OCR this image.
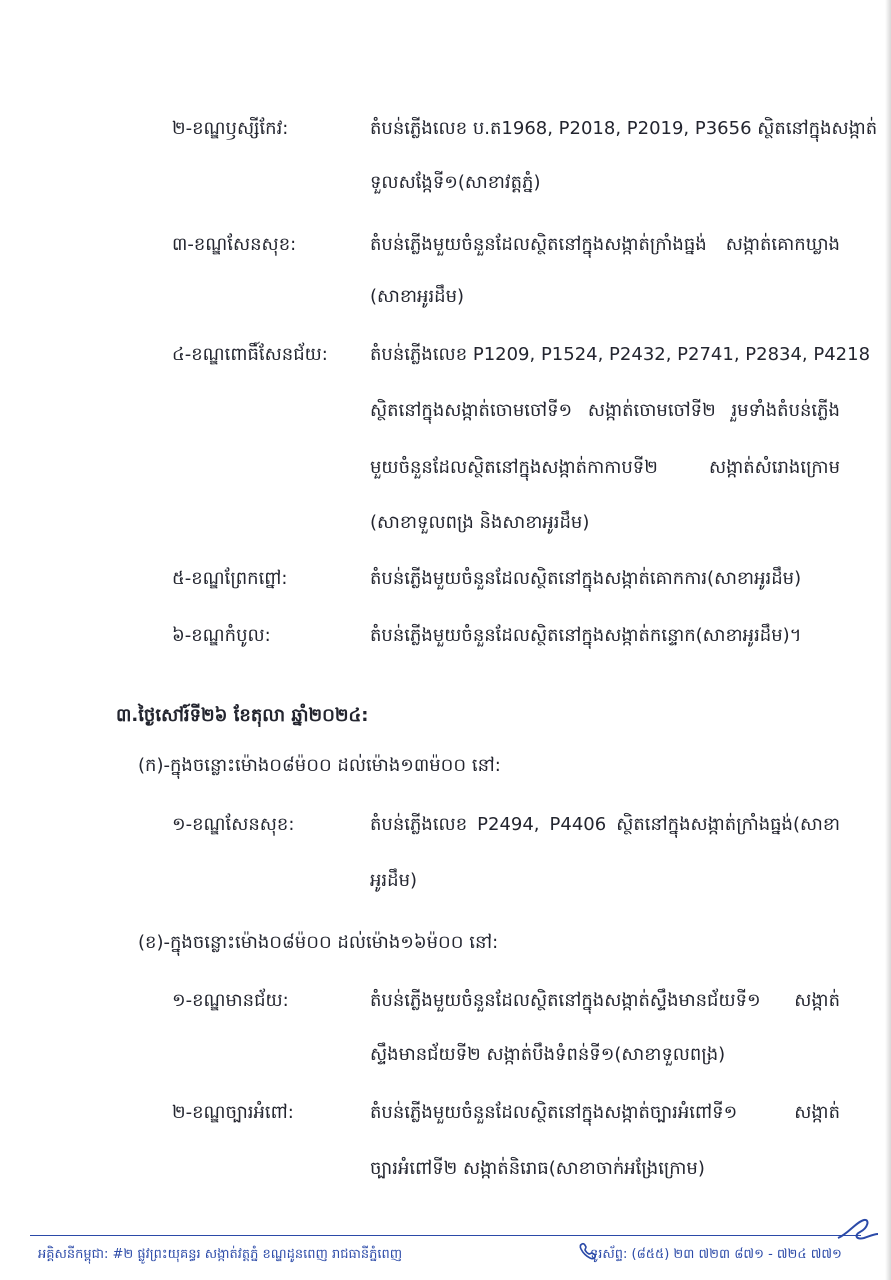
២-ខណ្ឌឫស្សីកែវ:	តំបន់ភ្លើងលេខ ប.ត1968, P2018, P2019, P3656 ស្ថិតនៅក្នុងសង្កាត់
ទួលសង្កែទី១(សាខាវត្តភ្នំ)
៣-ខណ្ឌសែនសុខ:	តំបន់ភ្លើងមួយចំនួនដែលស្ថិតនៅក្នុងសង្កាត់ក្រាំងធ្នង់ សង្កាត់គោកឃ្លាង
(សាខាអូរដឹម)
៤-ខណ្ឌពោធិ៍សែនជ័យ: តំបន់ភ្លើងលេខ P1209, P1524, P2432, P2741, P2834, P4218
ស្ថិតនៅក្នុងសង្កាត់ចោមចៅទី១ សង្កាត់ចោមចៅទី២ រួមទាំងតំបន់ភ្លើង
មួយចំនួនដែលស្ថិតនៅក្នុងសង្កាត់កាកាបទី២ សង្កាត់សំរោងក្រោម
(សាខាទួលពង្រ និងសាខាអូរដឹម)
៥-ខណ្ឌព្រែកព្នៅ:	តំបន់ភ្លើងមួយចំនួនដែលស្ថិតនៅក្នុងសង្កាត់គោកការ(សាខាអូរដឹម)
៦-ខណ្ឌកំបូល:	តំបន់ភ្លើងមួយចំនួនដែលស្ថិតនៅក្នុងសង្កាត់កន្ទោក(សាខាអូរដឹម)។
៣.ថ្ងៃសៅរ៍ទី២៦ ខែតុលា ឆ្នាំ២០២៤:
(ក)-ក្នុងចន្លោះម៉ោង០៨ម៉០០ ដល់ម៉ោង១៣ម៉០០ នៅ:
១-ខណ្ឌសែនសុខ:	តំបន់ភ្លើងលេខ P2494, P4406 ស្ថិតនៅក្នុងសង្កាត់ក្រាំងធ្នង់(សាខា
អូរដឹម)
(ខ)-ក្នុងចន្លោះម៉ោង០៨ម៉០០ ដល់ម៉ោង១៦ម៉០០ នៅ:
១-ខណ្ឌមានជ័យ:	តំបន់ភ្លើងមួយចំនួនដែលស្ថិតនៅក្នុងសង្កាត់ស្ទឹងមានជ័យទី១ សង្កាត់
ស្ទឹងមានជ័យទី២ សង្កាត់បឹងទំពន់ទី១(សាខាទួលពង្រ)
២-ខណ្ឌច្បារអំពៅ:	តំបន់ភ្លើងមួយចំនួនដែលស្ថិតនៅក្នុងសង្កាត់ច្បារអំពៅទី១ សង្កាត់
ច្បារអំពៅទី២ សង្កាត់និរោធ(សាខាចាក់អង្រែក្រោម)
អគ្គិសនីកម្ពុជា: #២ ផ្លូវព្រះយុគន្ធរ សង្កាត់វត្តភ្នំ ខណ្ឌដូនពេញ រាជធានីភ្នំពេញ	ទូរស័ព្ទ: (៨៥៥) ២៣ ៧២៣ ៨៧១ - ៧២៤ ៧៧១
